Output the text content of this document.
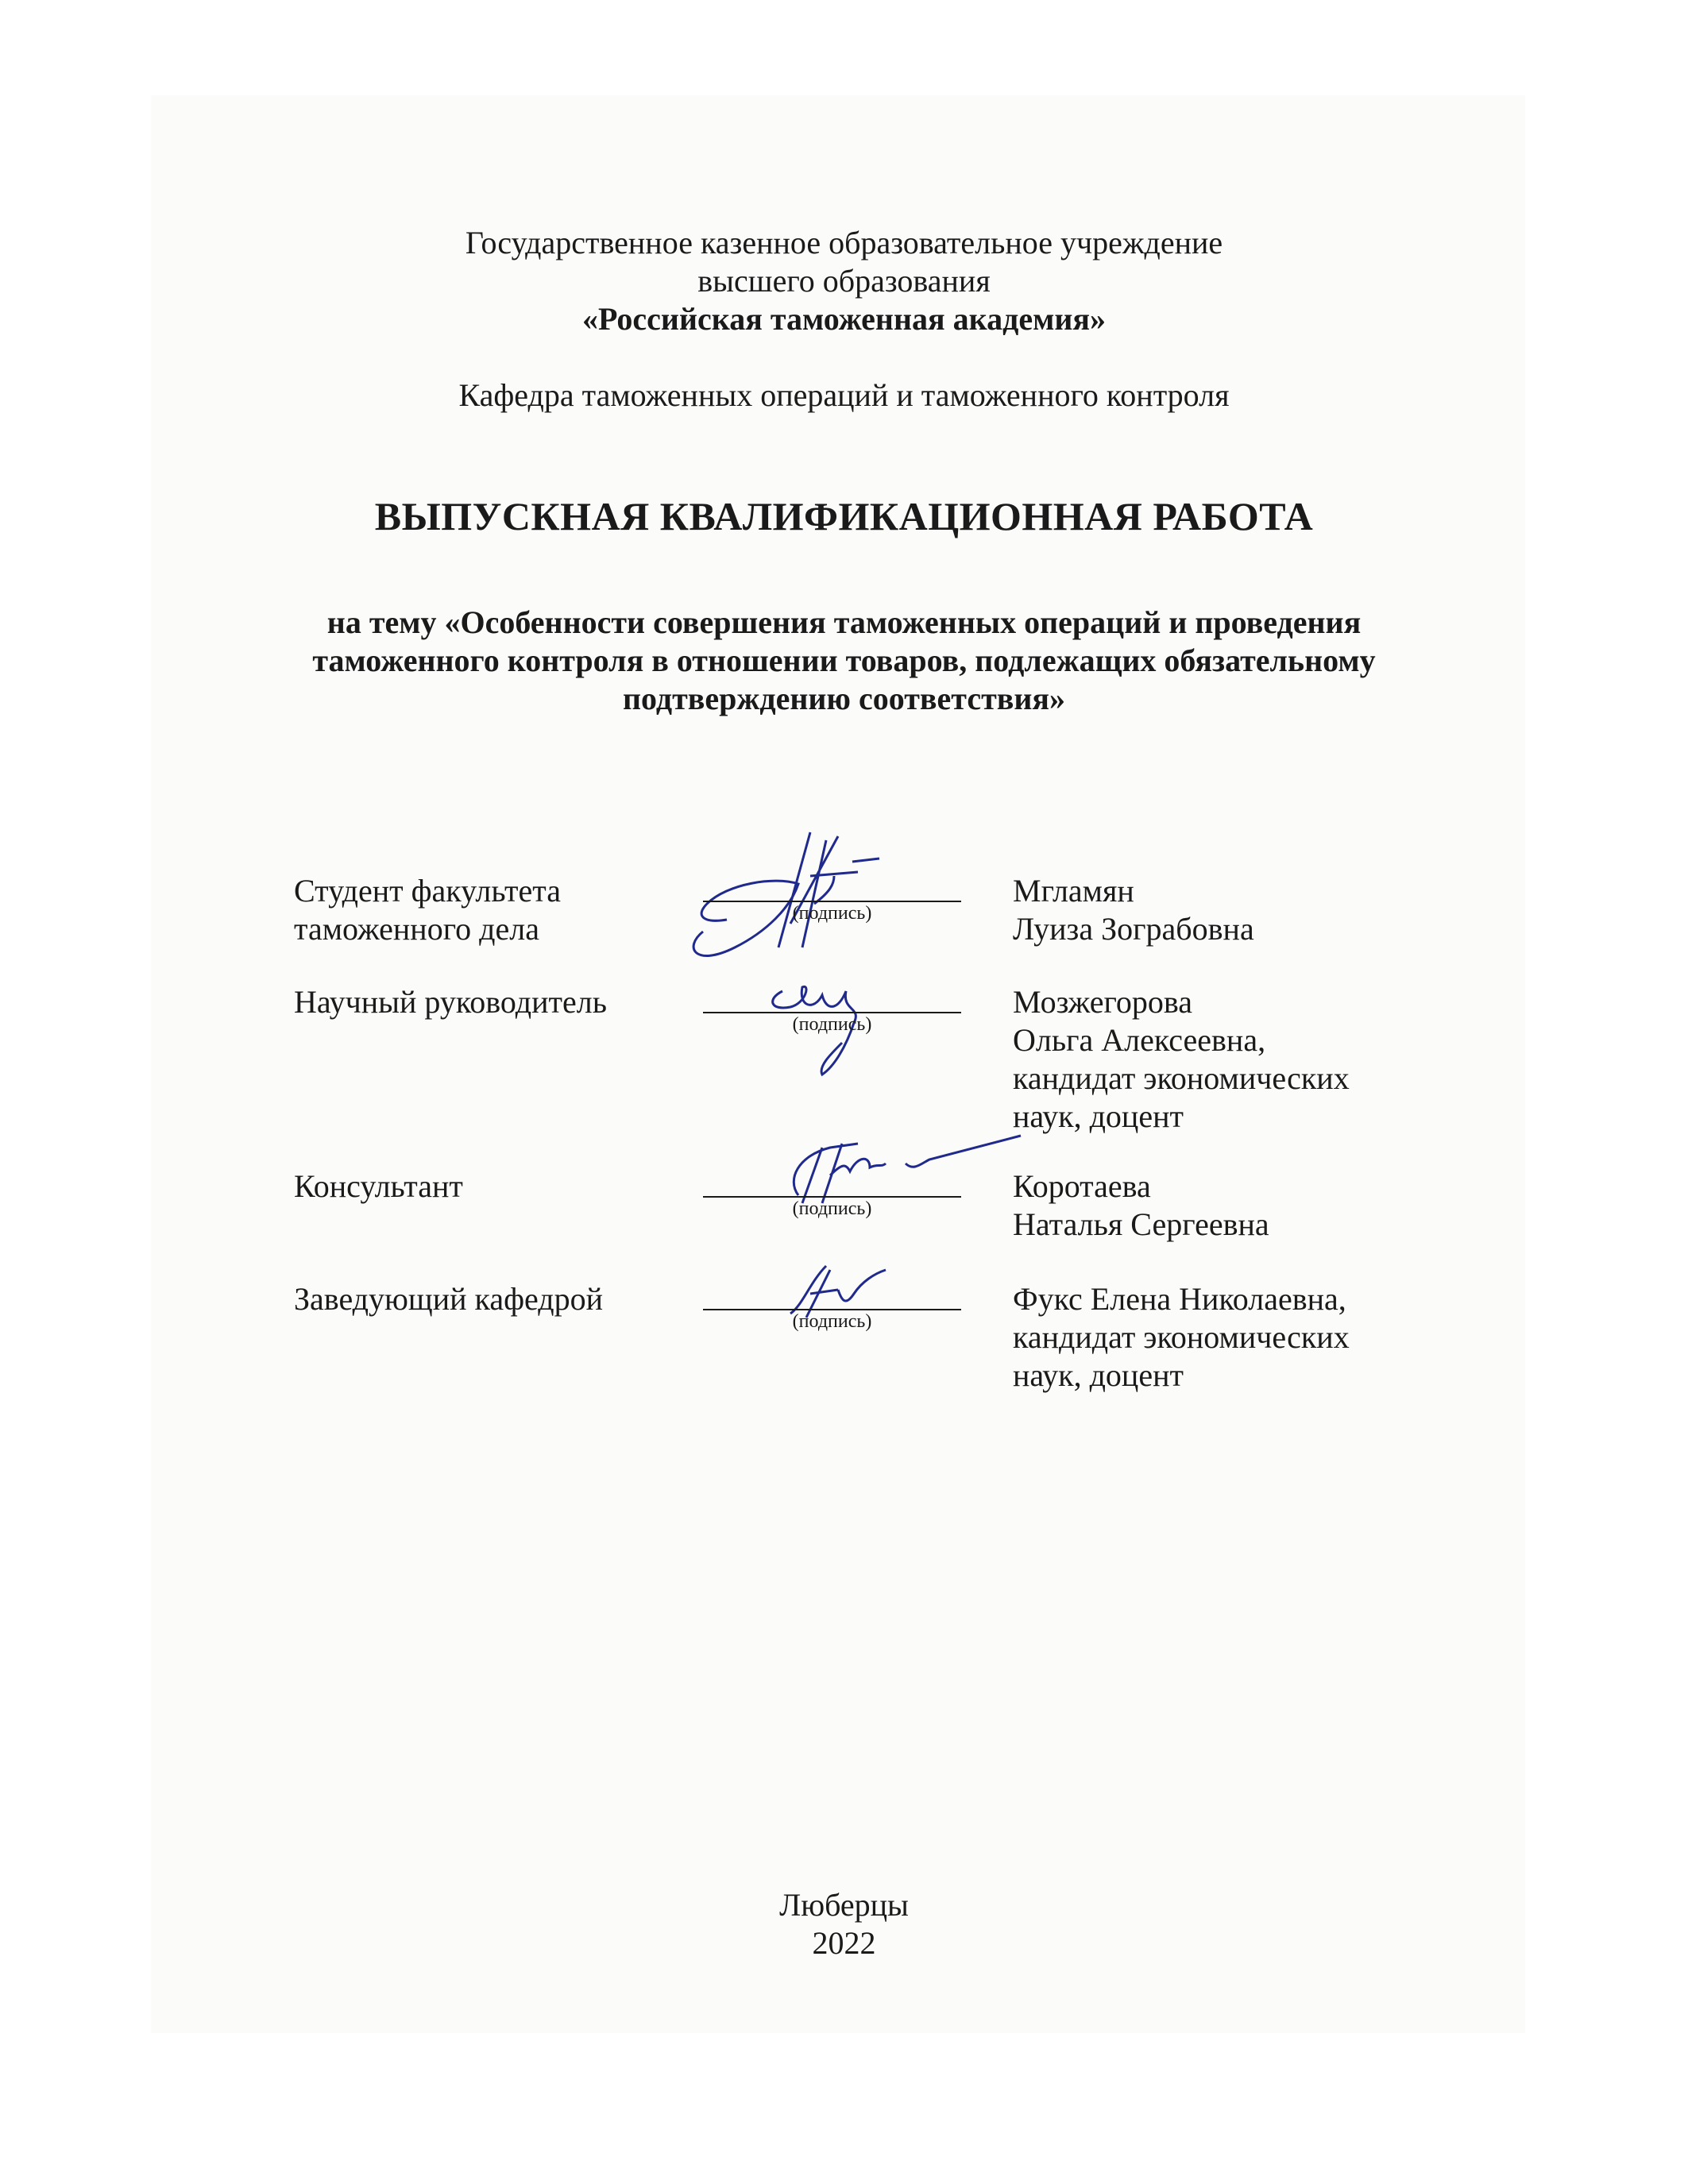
Государственное казенное образовательное учреждение
высшего образования
«Российская таможенная академия»
Кафедра таможенных операций и таможенного контроля
ВЫПУСКНАЯ КВАЛИФИКАЦИОННАЯ РАБОТА
на тему «Особенности совершения таможенных операций и проведения
таможенного контроля в отношении товаров, подлежащих обязательному
подтверждению соответствия»
Студент факультета
таможенного дела	(подпись)
Мгламян
Луиза Зограбовна
Научный руководитель
(подпись)
Мозжегорова
Ольга Алексеевна,
кандидат экономических
наук, доцент
Консультант
(подпись)
Коротаева
Наталья Сергеевна
Заведующий кафедрой
(подпись)
Фукс Елена Николаевна,
кандидат экономических
наук, доцент
Люберцы
2022
